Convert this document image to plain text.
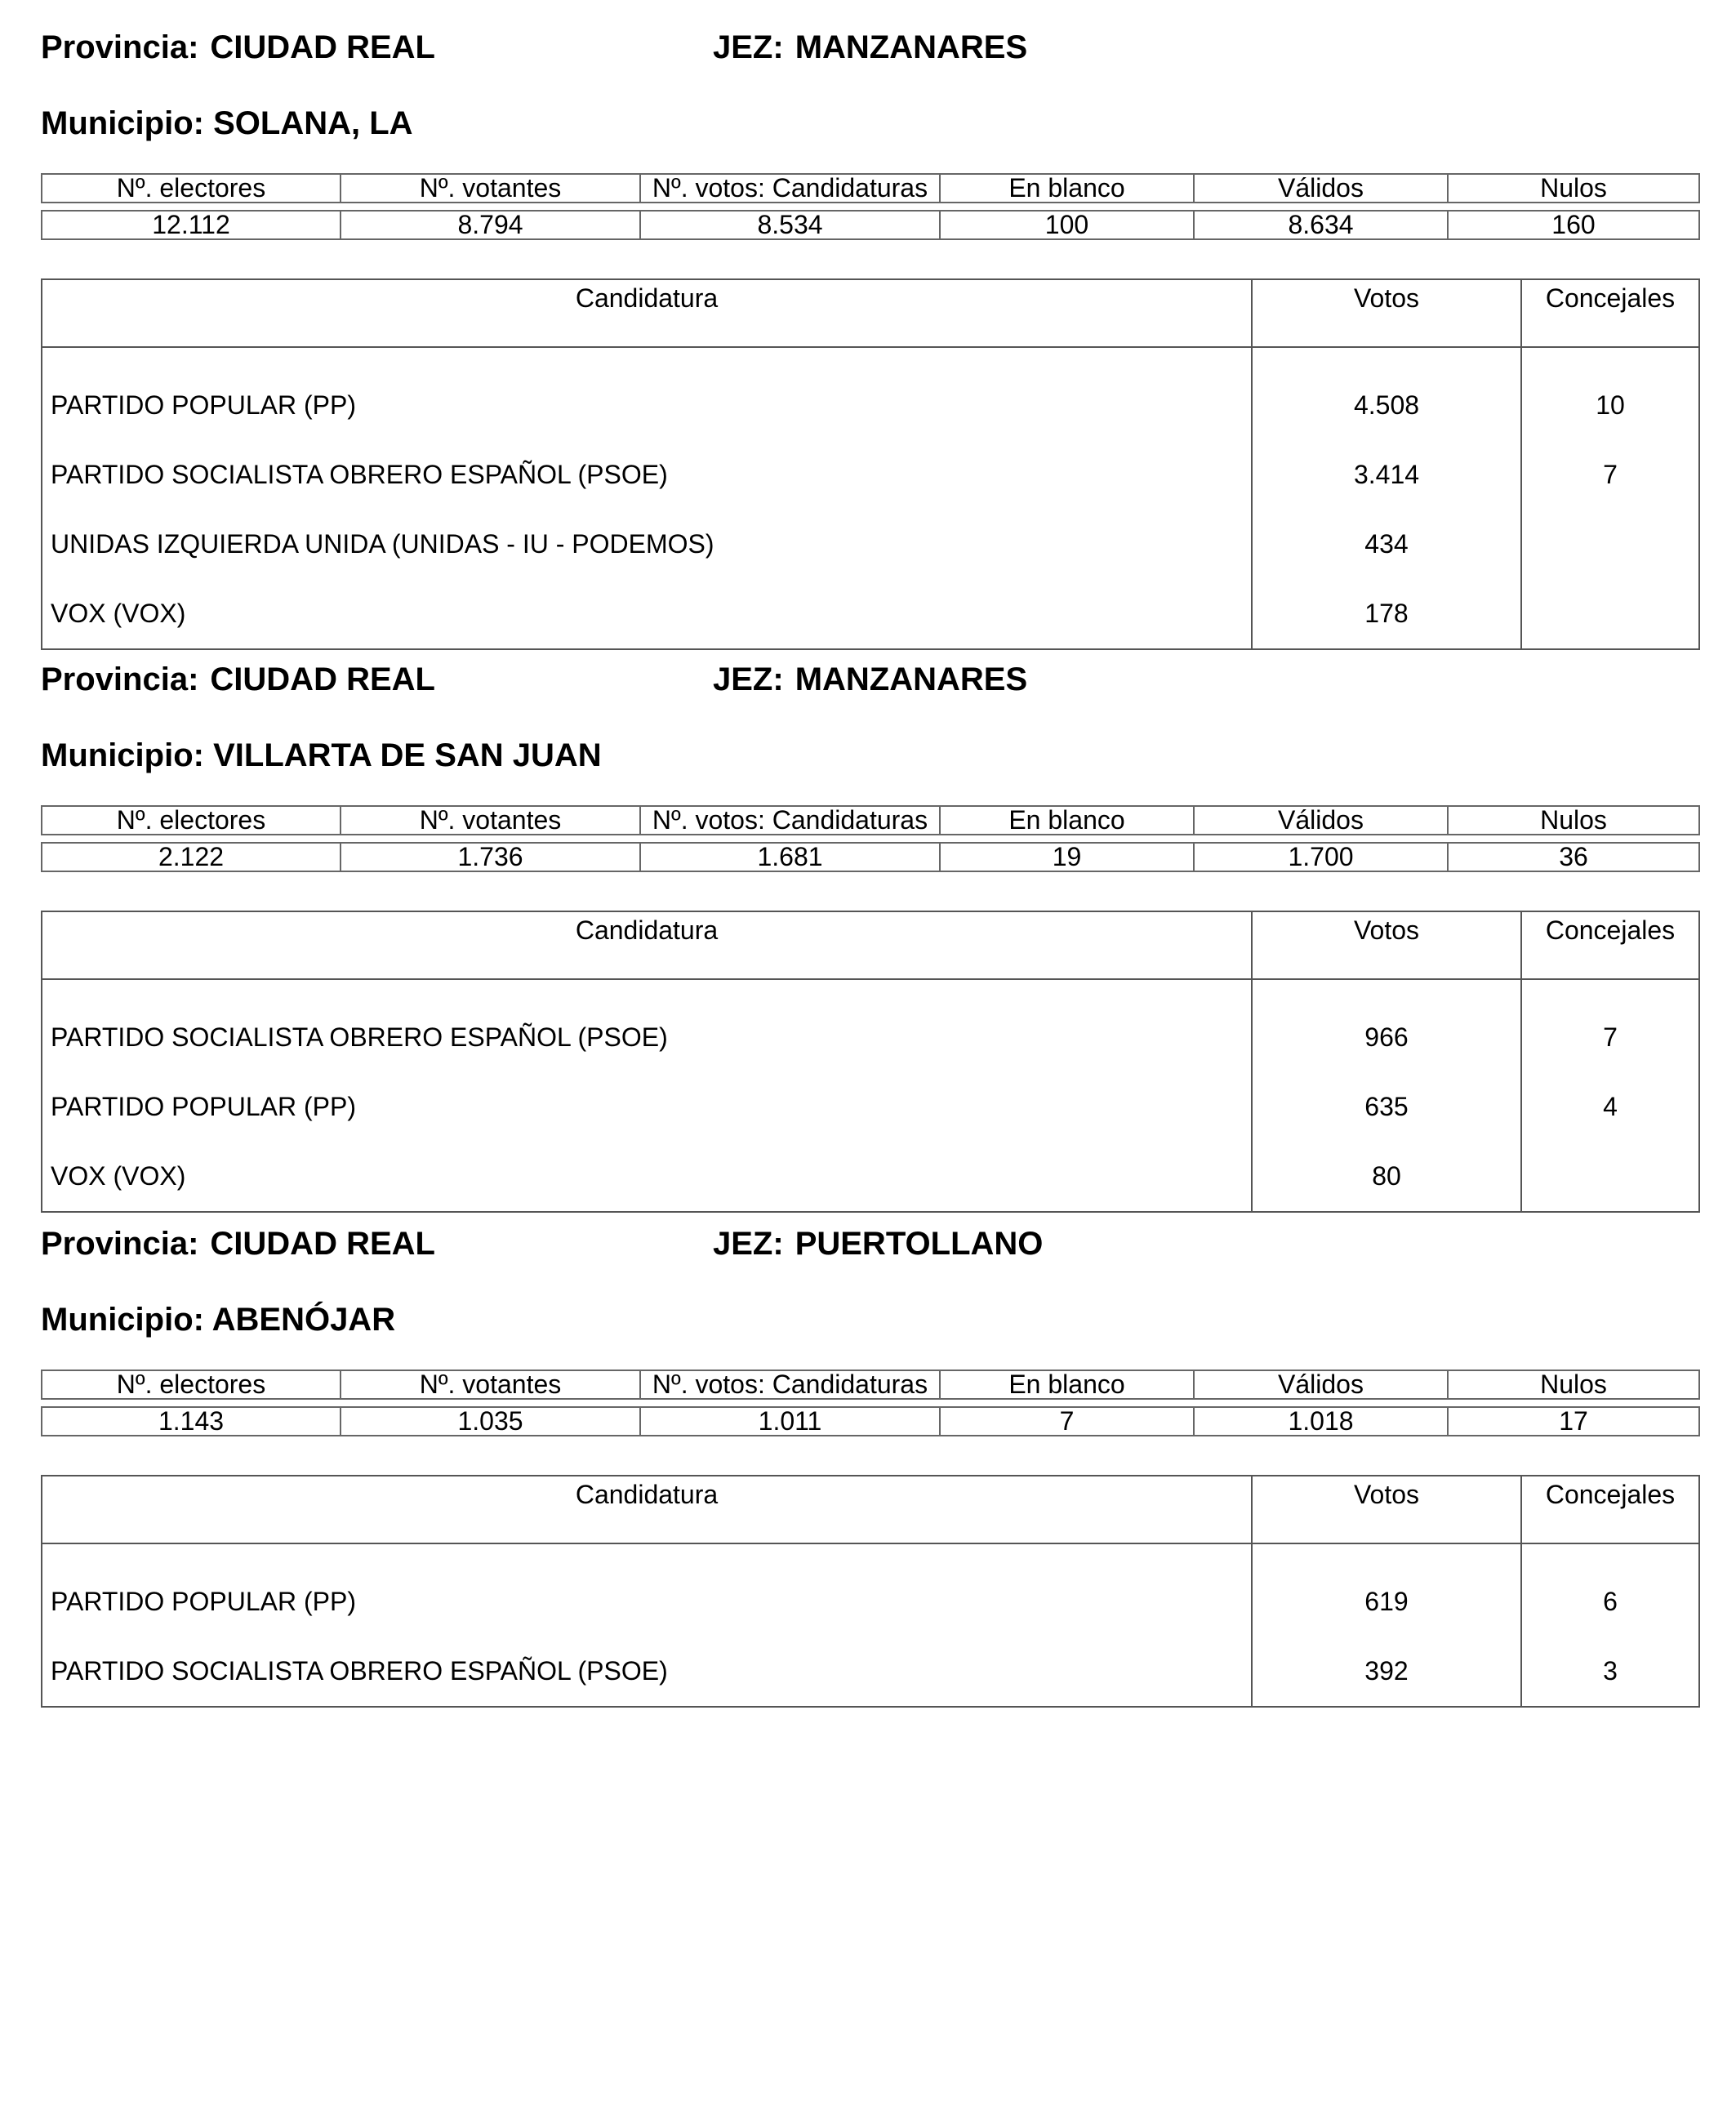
Provincia: CIUDAD REAL	JEZ: MANZANARES
Municipio: SOLANA, LA
Nº. electores	Nº. votantes	Nº. votos: Candidaturas	En blanco	Válidos	Nulos

12.112	8.794	8.534	100	8.634	160
Candidatura	Votos	Concejales

PARTIDO POPULAR (PP)	4.508	10
PARTIDO SOCIALISTA OBRERO ESPAÑOL (PSOE)	3.414	7
UNIDAS IZQUIERDA UNIDA (UNIDAS - IU - PODEMOS)	434	
VOX (VOX)	178	
Provincia: CIUDAD REAL	JEZ: MANZANARES
Municipio: VILLARTA DE SAN JUAN
Nº. electores	Nº. votantes	Nº. votos: Candidaturas	En blanco	Válidos	Nulos

2.122	1.736	1.681	19	1.700	36
Candidatura	Votos	Concejales

PARTIDO SOCIALISTA OBRERO ESPAÑOL (PSOE)	966	7
PARTIDO POPULAR (PP)	635	4
VOX (VOX)	80	
Provincia: CIUDAD REAL	JEZ: PUERTOLLANO
Municipio: ABENÓJAR
Nº. electores	Nº. votantes	Nº. votos: Candidaturas	En blanco	Válidos	Nulos

1.143	1.035	1.011	7	1.018	17
Candidatura	Votos	Concejales

PARTIDO POPULAR (PP)	619	6
PARTIDO SOCIALISTA OBRERO ESPAÑOL (PSOE)	392	3
